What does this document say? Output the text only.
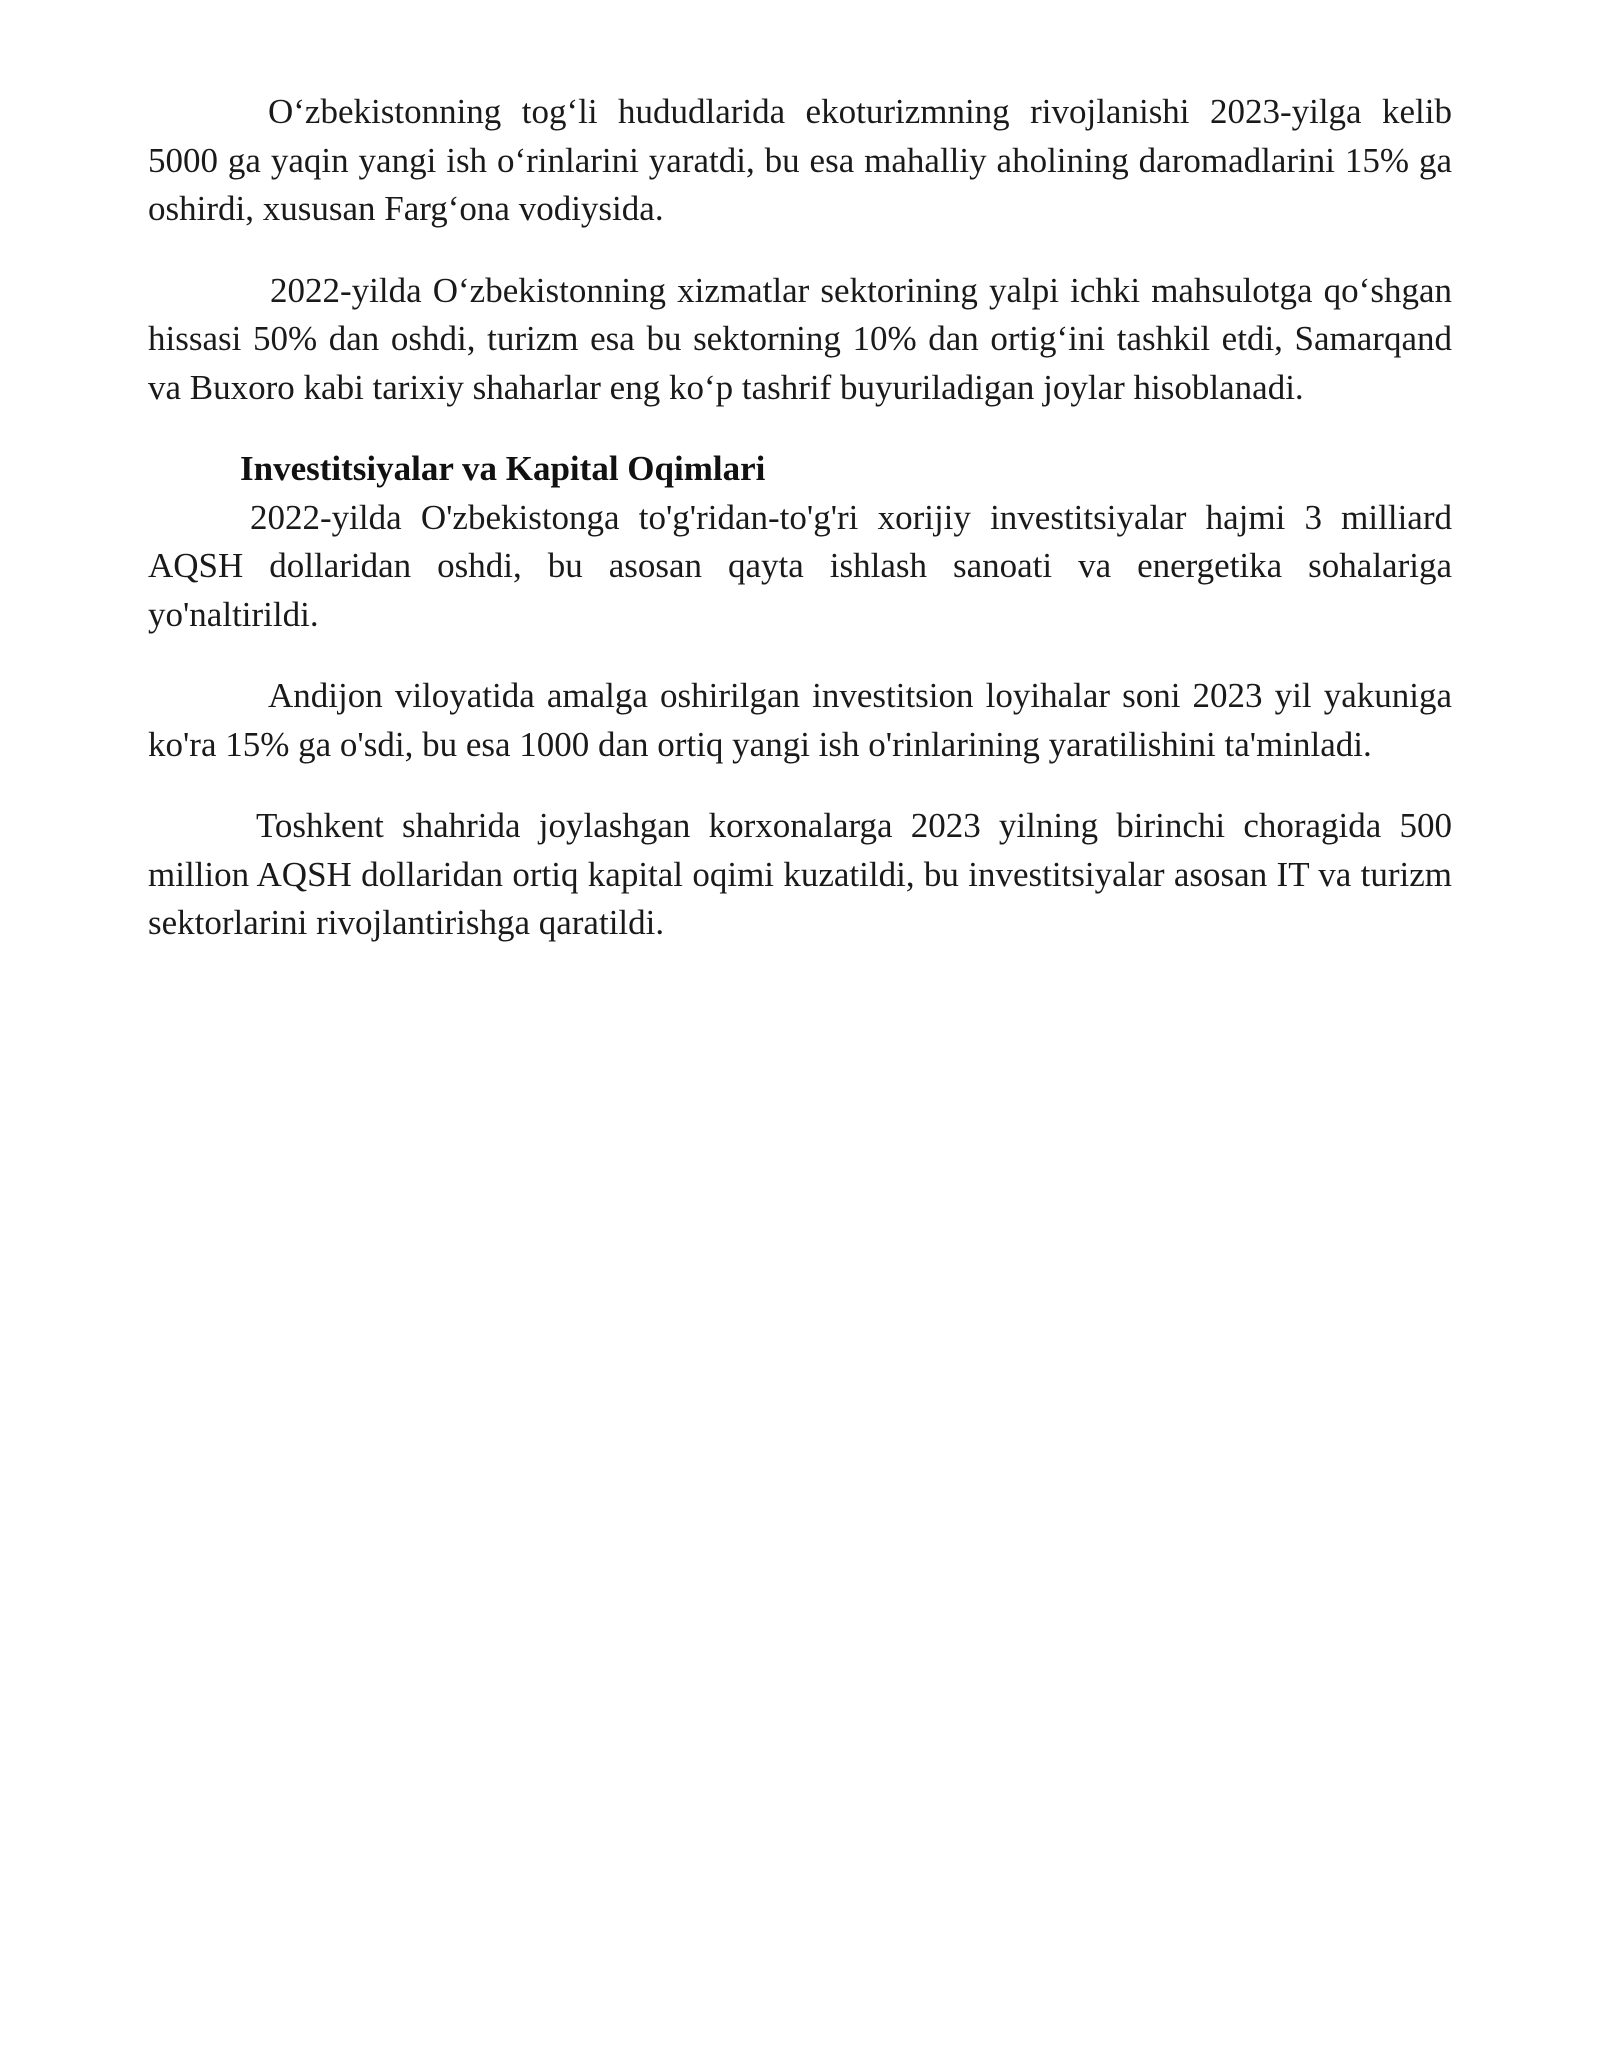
O‘zbekistonning tog‘li hududlarida ekoturizmning rivojlanishi 2023-yilga kelib 5000 ga yaqin yangi ish o‘rinlarini yaratdi, bu esa mahalliy aholining daromadlarini 15% ga oshirdi, xususan Farg‘ona vodiysida.

2022-yilda O‘zbekistonning xizmatlar sektorining yalpi ichki mahsulotga qo‘shgan hissasi 50% dan oshdi, turizm esa bu sektorning 10% dan ortig‘ini tashkil etdi, Samarqand va Buxoro kabi tarixiy shaharlar eng ko‘p tashrif buyuriladigan joylar hisoblanadi.

Investitsiyalar va Kapital Oqimlari

2022-yilda O'zbekistonga to'g'ridan-to'g'ri xorijiy investitsiyalar hajmi 3 milliard AQSH dollaridan oshdi, bu asosan qayta ishlash sanoati va energetika sohalariga yo'naltirildi.

Andijon viloyatida amalga oshirilgan investitsion loyihalar soni 2023 yil yakuniga ko'ra 15% ga o'sdi, bu esa 1000 dan ortiq yangi ish o'rinlarining yaratilishini ta'minladi.

Toshkent shahrida joylashgan korxonalarga 2023 yilning birinchi choragida 500 million AQSH dollaridan ortiq kapital oqimi kuzatildi, bu investitsiyalar asosan IT va turizm sektorlarini rivojlantirishga qaratildi.
